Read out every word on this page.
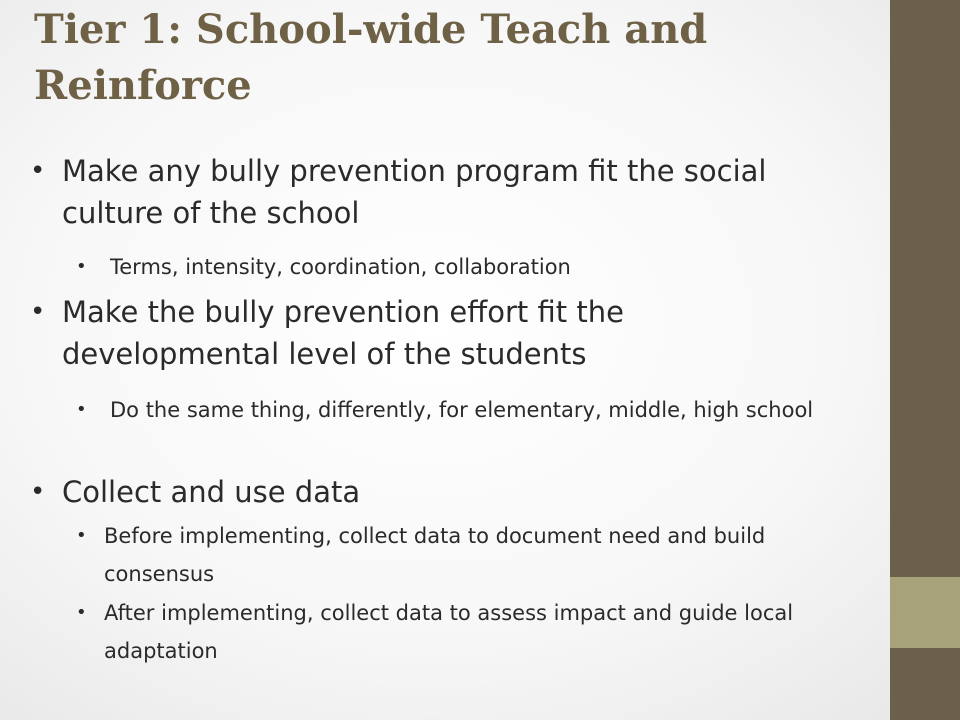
Tier 1: School-wide Teach and Reinforce
• Make any bully prevention program fit the social culture of the school
• Terms, intensity, coordination, collaboration
• Make the bully prevention effort fit the developmental level of the students
• Do the same thing, differently, for elementary, middle, high school
• Collect and use data
• Before implementing, collect data to document need and build consensus
• After implementing, collect data to assess impact and guide local adaptation
